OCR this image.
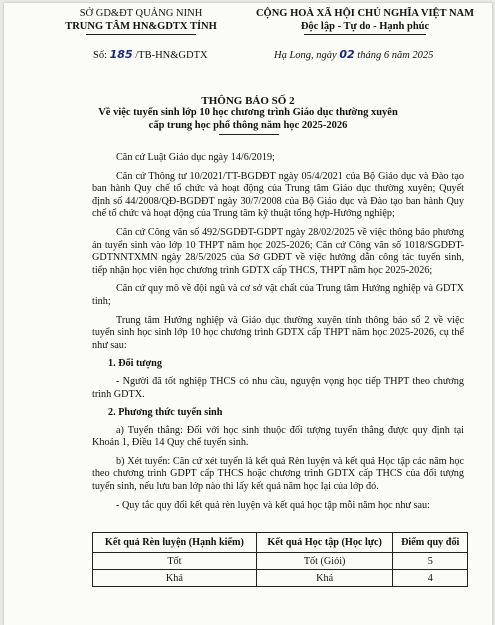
SỞ GD&ĐT QUẢNG NINH
TRUNG TÂM HN&GDTX TỈNH
CỘNG HOÀ XÃ HỘI CHỦ NGHĨA VIỆT NAM
Độc lập - Tự do - Hạnh phúc
Số: 185 /TB-HN&GDTX	Hạ Long, ngày 02 tháng 6 năm 2025
THÔNG BÁO SỐ 2
Về việc tuyển sinh lớp 10 học chương trình Giáo dục thường xuyên
cấp trung học phổ thông năm học 2025-2026

Căn cứ Luật Giáo dục ngày 14/6/2019;

Căn cứ Thông tư 10/2021/TT-BGDĐT ngày 05/4/2021 của Bộ Giáo dục và Đào tạo ban hành Quy chế tổ chức và hoạt động của Trung tâm Giáo dục thường xuyên; Quyết định số 44/2008/QĐ-BGDĐT ngày 30/7/2008 của Bộ Giáo dục và Đào tạo ban hành Quy chế tổ chức và hoạt động của Trung tâm kỹ thuật tổng hợp-Hướng nghiệp;

Căn cứ Công văn số 492/SGDĐT-GDPT ngày 28/02/2025 về việc thông báo phương án tuyển sinh vào lớp 10 THPT năm học 2025-2026; Căn cứ Công văn số 1018/SGDĐT-GDTNNTXMN ngày 28/5/2025 của Sở GDĐT về việc hướng dẫn công tác tuyển sinh, tiếp nhận học viên học chương trình GDTX cấp THCS, THPT năm học 2025-2026;

Căn cứ quy mô về đội ngũ và cơ sở vật chất của Trung tâm Hướng nghiệp và GDTX tỉnh;

Trung tâm Hướng nghiệp và Giáo dục thường xuyên tỉnh thông báo số 2 về việc tuyển sinh học sinh lớp 10 học chương trình GDTX cấp THPT năm học 2025-2026, cụ thể như sau:

1. Đối tượng

- Người đã tốt nghiệp THCS có nhu cầu, nguyện vọng học tiếp THPT theo chương trình GDTX.

2. Phương thức tuyển sinh

a) Tuyển thẳng: Đối với học sinh thuộc đối tượng tuyển thẳng được quy định tại Khoản 1, Điều 14 Quy chế tuyển sinh.

b) Xét tuyển: Căn cứ xét tuyển là kết quả Rèn luyện và kết quả Học tập các năm học theo chương trình GDPT cấp THCS hoặc chương trình GDTX cấp THCS của đối tượng tuyển sinh, nếu lưu ban lớp nào thì lấy kết quả năm học lại của lớp đó.

- Quy tắc quy đổi kết quả rèn luyện và kết quả học tập mỗi năm học như sau:

Kết quả Rèn luyện (Hạnh kiểm)	Kết quả Học tập (Học lực)	Điểm quy đổi
Tốt	Tốt (Giỏi)	5
Khá	Khá	4
